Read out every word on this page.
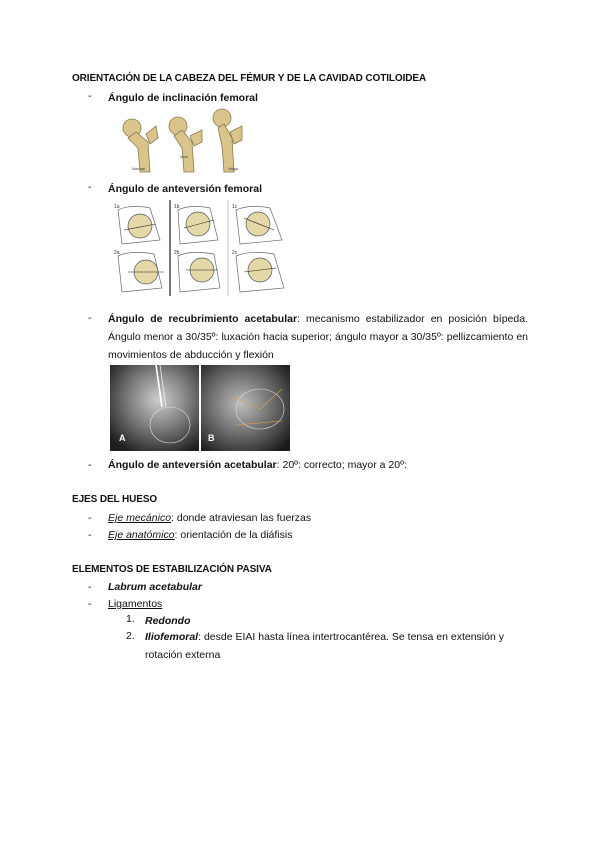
ORIENTACIÓN DE LA CABEZA DEL FÉMUR Y DE LA CAVIDAD COTILOIDEA
- Ángulo de inclinación femoral
Normal
Varo
Valgo
- Ángulo de anteversión femoral
1a	1b	1c
2a	2b	2c
- Ángulo de recubrimiento acetabular: mecanismo estabilizador en posición bípeda. Ángulo menor a 30/35º: luxación hacia superior; ángulo mayor a 30/35º: pellizcamiento en movimientos de abducción y flexión
A	B
- Ángulo de anteversión acetabular: 20º: correcto; mayor a 20º:
EJES DEL HUESO
- Eje mecánico: donde atraviesan las fuerzas
- Eje anatómico: orientación de la diáfisis
ELEMENTOS DE ESTABILIZACIÓN PASIVA
- Labrum acetabular
- Ligamentos
1. Redondo
2. Iliofemoral: desde EIAI hasta línea intertrocantérea. Se tensa en extensión y rotación externa
